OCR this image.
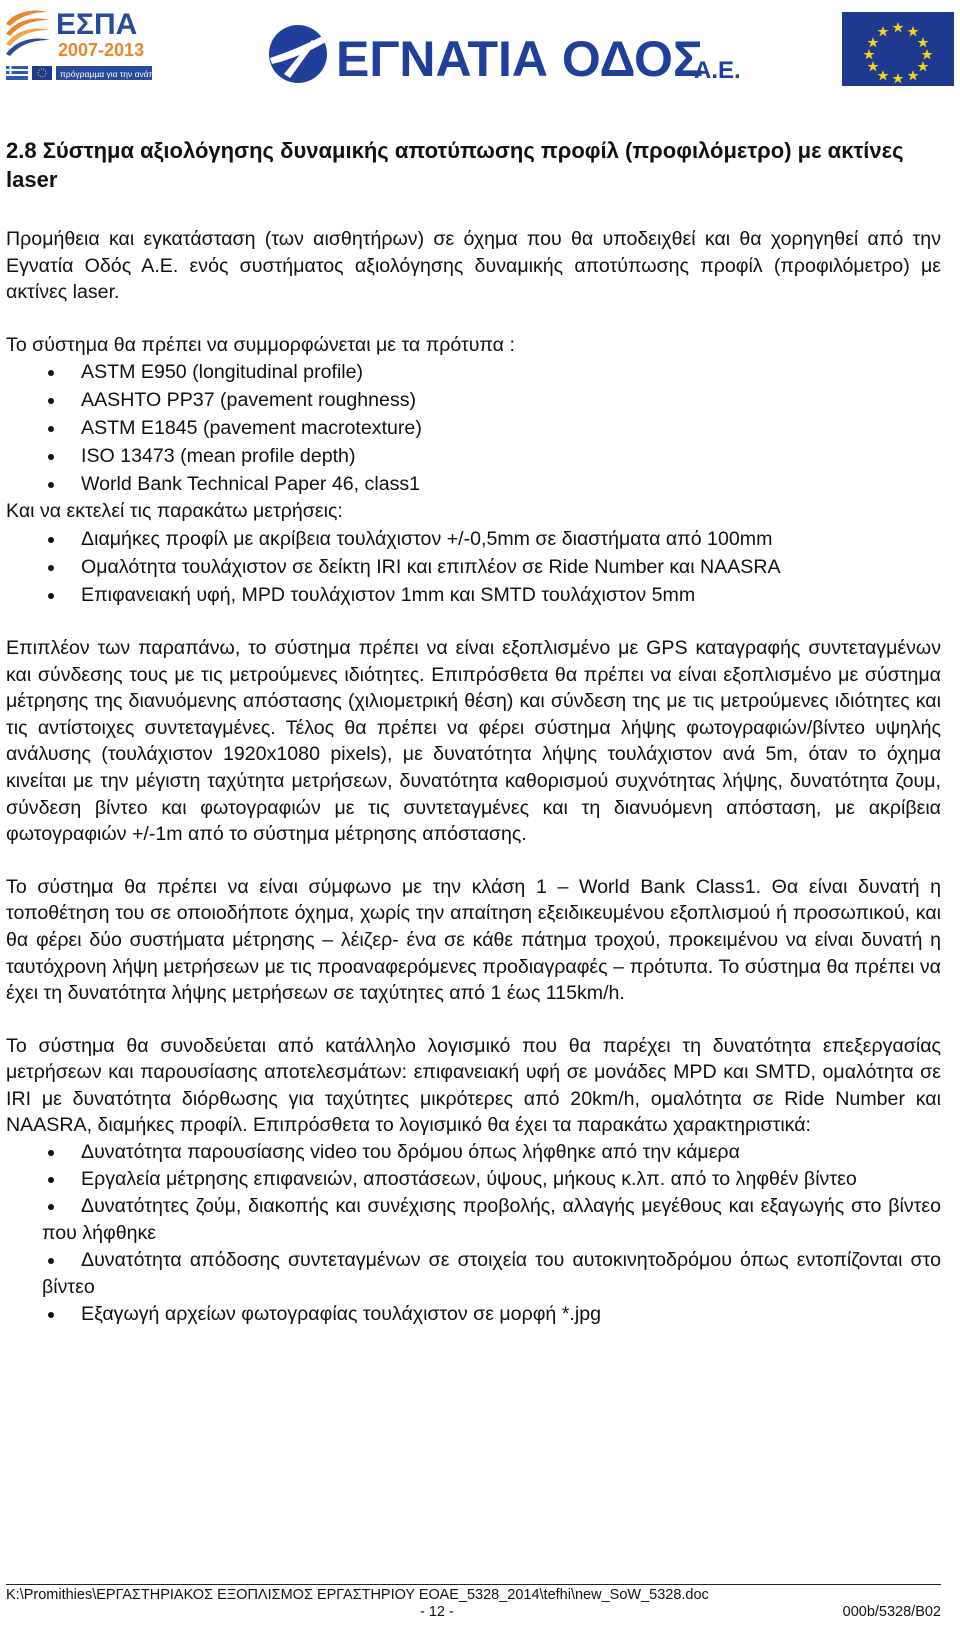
ΕΣΠΑ
2007-2013
πρόγραμμα για την ανάπτυξη	ΕΓΝΑΤΙΑ ΟΔΟΣ
Α.Ε.
2.8 Σύστημα αξιολόγησης δυναμικής αποτύπωσης προφίλ (προφιλόμετρο) με ακτίνες laser

Προμήθεια και εγκατάσταση (των αισθητήρων) σε όχημα που θα υποδειχθεί και θα χορηγηθεί από την Εγνατία Οδός Α.Ε. ενός συστήματος αξιολόγησης δυναμικής αποτύπωσης προφίλ (προφιλόμετρο) με ακτίνες laser.

Το σύστημα θα πρέπει να συμμορφώνεται με τα πρότυπα :

ASTM E950 (longitudinal profile)
AASHTO PP37 (pavement roughness)
ASTM E1845 (pavement macrotexture)
ISO 13473 (mean profile depth)
World Bank Technical Paper 46, class1

Και να εκτελεί τις παρακάτω μετρήσεις:

Διαμήκες προφίλ με ακρίβεια τουλάχιστον +/-0,5mm σε διαστήματα από 100mm
Ομαλότητα τουλάχιστον σε δείκτη IRI και επιπλέον σε Ride Number και NAASRA
Επιφανειακή υφή, MPD τουλάχιστον 1mm και SMTD τουλάχιστον 5mm

Επιπλέον των παραπάνω, το σύστημα πρέπει να είναι εξοπλισμένο με GPS καταγραφής συντεταγμένων και σύνδεσης τους με τις μετρούμενες ιδιότητες. Επιπρόσθετα θα πρέπει να είναι εξοπλισμένο με σύστημα μέτρησης της διανυόμενης απόστασης (χιλιομετρική θέση) και σύνδεση της με τις μετρούμενες ιδιότητες και τις αντίστοιχες συντεταγμένες. Τέλος θα πρέπει να φέρει σύστημα λήψης φωτογραφιών/βίντεο υψηλής ανάλυσης (τουλάχιστον 1920x1080 pixels), με δυνατότητα λήψης τουλάχιστον ανά 5m, όταν το όχημα κινείται με την μέγιστη ταχύτητα μετρήσεων, δυνατότητα καθορισμού συχνότητας λήψης, δυνατότητα ζουμ, σύνδεση βίντεο και φωτογραφιών με τις συντεταγμένες και τη διανυόμενη απόσταση, με ακρίβεια φωτογραφιών +/-1m από το σύστημα μέτρησης απόστασης.

Το σύστημα θα πρέπει να είναι σύμφωνο με την κλάση 1 – World Bank Class1. Θα είναι δυνατή η τοποθέτηση του σε οποιοδήποτε όχημα, χωρίς την απαίτηση εξειδικευμένου εξοπλισμού ή προσωπικού, και θα φέρει δύο συστήματα μέτρησης – λέιζερ- ένα σε κάθε πάτημα τροχού, προκειμένου να είναι δυνατή η ταυτόχρονη λήψη μετρήσεων με τις προαναφερόμενες προδιαγραφές – πρότυπα. Το σύστημα θα πρέπει να έχει τη δυνατότητα λήψης μετρήσεων σε ταχύτητες από 1 έως 115km/h.

Το σύστημα θα συνοδεύεται από κατάλληλο λογισμικό που θα παρέχει τη δυνατότητα επεξεργασίας μετρήσεων και παρουσίασης αποτελεσμάτων: επιφανειακή υφή σε μονάδες MPD και SMTD, ομαλότητα σε IRI με δυνατότητα διόρθωσης για ταχύτητες μικρότερες από 20km/h, ομαλότητα σε Ride Number και NAASRA, διαμήκες προφίλ. Επιπρόσθετα το λογισμικό θα έχει τα παρακάτω χαρακτηριστικά:

Δυνατότητα παρουσίασης video του δρόμου όπως λήφθηκε από την κάμερα
Εργαλεία μέτρησης επιφανειών, αποστάσεων, ύψους, μήκους κ.λπ. από το ληφθέν βίντεο
Δυνατότητες ζούμ, διακοπής και συνέχισης προβολής, αλλαγής μεγέθους και εξαγωγής στο βίντεο που λήφθηκε
Δυνατότητα απόδοσης συντεταγμένων σε στοιχεία του αυτοκινητοδρόμου όπως εντοπίζονται στο βίντεο
Εξαγωγή αρχείων φωτογραφίας τουλάχιστον σε μορφή *.jpg
K:\Promithies\ΕΡΓΑΣΤΗΡΙΑΚΟΣ ΕΞΟΠΛΙΣΜΟΣ ΕΡΓΑΣΤΗΡΙΟΥ ΕΟΑΕ_5328_2014\tefhi\new_SoW_5328.doc
- 12 -	000b/5328/B02
